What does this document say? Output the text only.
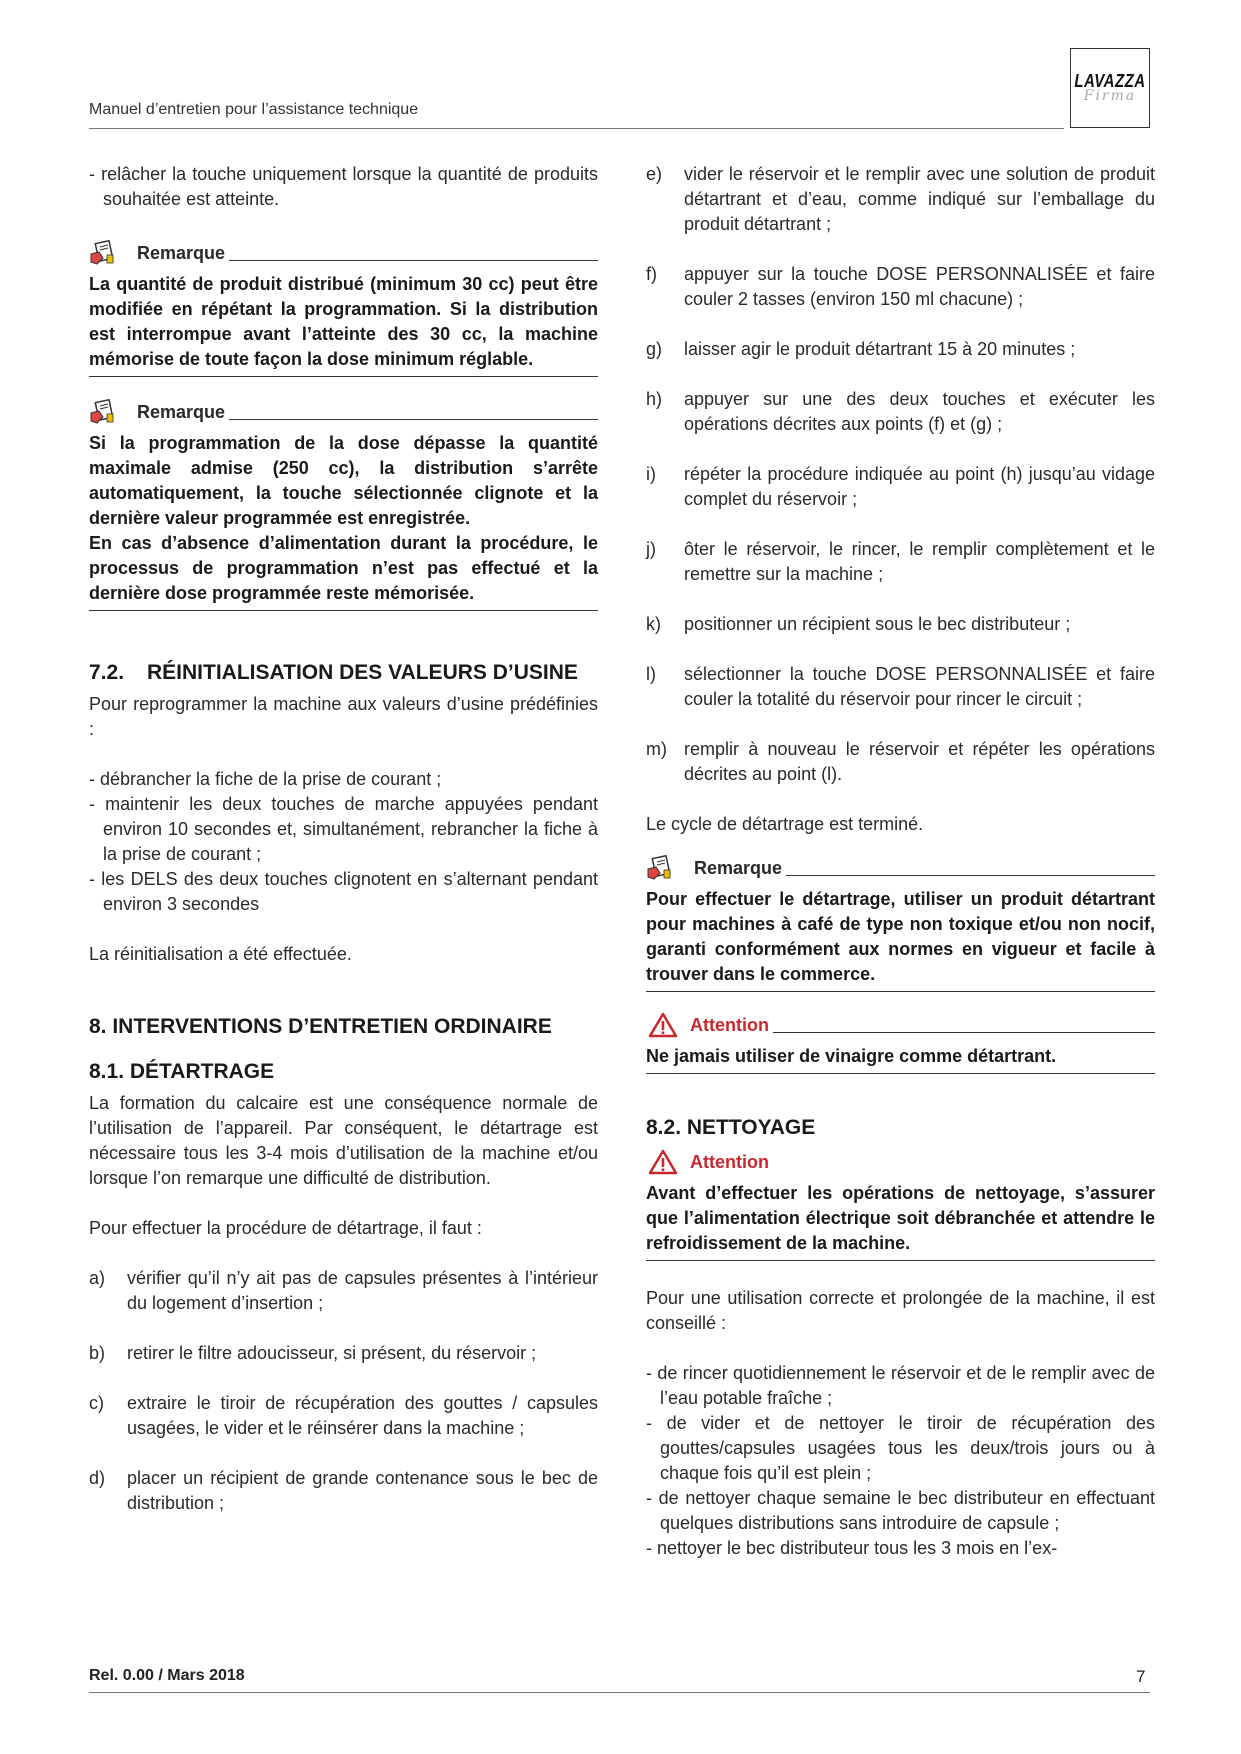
Manuel d’entretien pour l’assistance technique
LAVAZZA
Firma

- relâcher la touche uniquement lorsque la quantité de produits souhaitée est atteinte.

Remarque

La quantité de produit distribué (minimum 30 cc) peut être modifiée en répétant la programmation. Si la distribution est interrompue avant l’atteinte des 30 cc, la machine mémorise de toute façon la dose minimum réglable.

Remarque

Si la programmation de la dose dépasse la quantité maximale admise (250 cc), la distribution s’arrête automatiquement, la touche sélectionnée clignote et la dernière valeur programmée est enregistrée.

En cas d’absence d’alimentation durant la procédure, le processus de programmation n’est pas effectué et la dernière dose programmée reste mémorisée.

7.2.	RÉINITIALISATION DES VALEURS D’USINE

Pour reprogrammer la machine aux valeurs d’usine prédéfinies :

- débrancher la fiche de la prise de courant ;

- maintenir les deux touches de marche appuyées pendant environ 10 secondes et, simultanément, rebrancher la fiche à la prise de courant ;

- les DELS des deux touches clignotent en s’alternant pendant environ 3 secondes

La réinitialisation a été effectuée.

8. INTERVENTIONS D’ENTRETIEN ORDINAIRE
8.1. DÉTARTRAGE

La formation du calcaire est une conséquence normale de l’utilisation de l’appareil. Par conséquent, le détartrage est nécessaire tous les 3-4 mois d’utilisation de la machine et/ou lorsque l’on remarque une difficulté de distribution.

Pour effectuer la procédure de détartrage, il faut :

a)	vérifier qu’il n’y ait pas de capsules présentes à l’intérieur du logement d’insertion ;
b)	retirer le filtre adoucisseur, si présent, du réservoir ;
c)	extraire le tiroir de récupération des gouttes / capsules usagées, le vider et le réinsérer dans la machine ;
d)	placer un récipient de grande contenance sous le bec de distribution ;
e)	vider le réservoir et le remplir avec une solution de produit détartrant et d’eau, comme indiqué sur l’emballage du produit détartrant ;
f)	appuyer sur la touche DOSE PERSONNALISÉE et faire couler 2 tasses (environ 150 ml chacune) ;
g)	laisser agir le produit détartrant 15 à 20 minutes ;
h)	appuyer sur une des deux touches et exécuter les opérations décrites aux points (f) et (g) ;
i)	répéter la procédure indiquée au point (h) jusqu’au vidage complet du réservoir ;
j)	ôter le réservoir, le rincer, le remplir complètement et le remettre sur la machine ;
k)	positionner un récipient sous le bec distributeur ;
l)	sélectionner la touche DOSE PERSONNALISÉE et faire couler la totalité du réservoir pour rincer le circuit ;
m) remplir à nouveau le réservoir et répéter les opérations décrites au point (l).

Le cycle de détartrage est terminé.

Remarque

Pour effectuer le détartrage, utiliser un produit détartrant pour machines à café de type non toxique et/ou non nocif, garanti conformément aux normes en vigueur et facile à trouver dans le commerce.

Attention

Ne jamais utiliser de vinaigre comme détartrant.

8.2. NETTOYAGE
Attention

Avant d’effectuer les opérations de nettoyage, s’assurer que l’alimentation électrique soit débranchée et attendre le refroidissement de la machine.

Pour une utilisation correcte et prolongée de la machine, il est conseillé :

- de rincer quotidiennement le réservoir et de le remplir avec de l’eau potable fraîche ;

- de vider et de nettoyer le tiroir de récupération des gouttes/capsules usagées tous les deux/trois jours ou à chaque fois qu’il est plein ;

- de nettoyer chaque semaine le bec distributeur en effectuant quelques distributions sans introduire de capsule ;

- nettoyer le bec distributeur tous les 3 mois en l’ex-

Rel. 0.00 / Mars 2018	7
